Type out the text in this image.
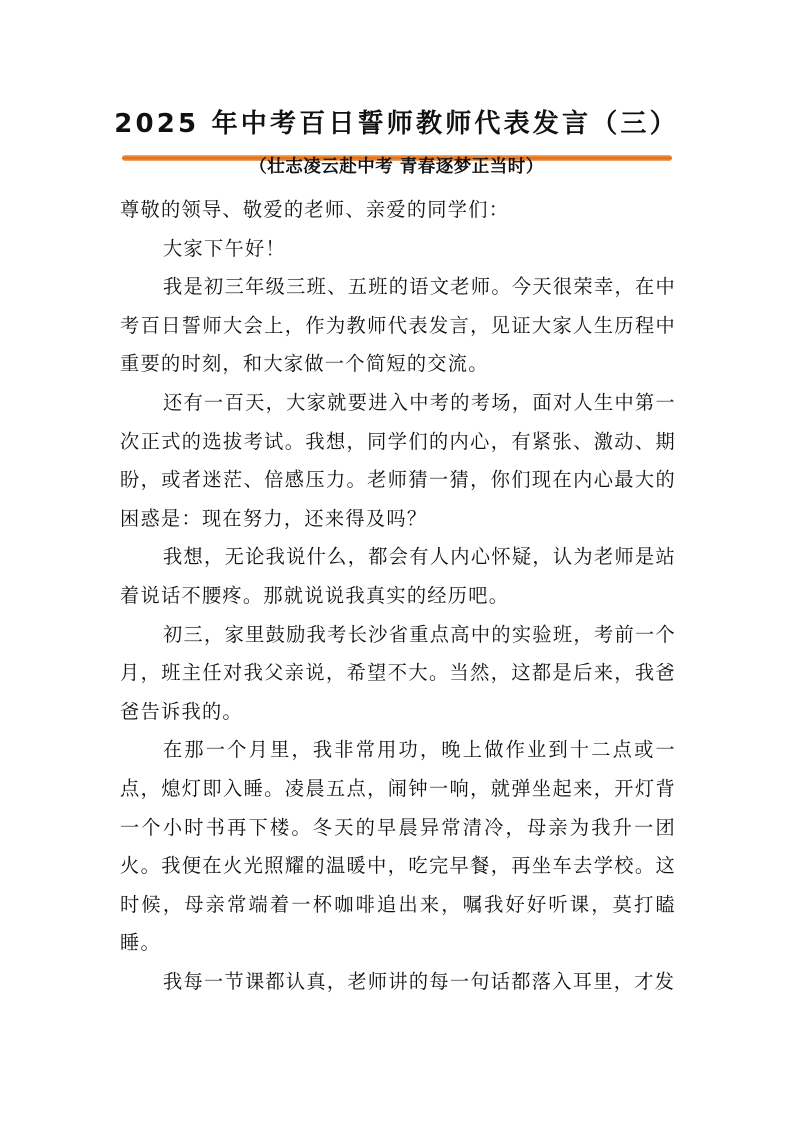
2025 年中考百日誓师教师代表发言（三）
（壮志凌云赴中考 青春逐梦正当时）

尊敬的领导、敬爱的老师、亲爱的同学们：

大家下午好！

我是初三年级三班、五班的语文老师。今天很荣幸，在中考百日誓师大会上，作为教师代表发言，见证大家人生历程中重要的时刻，和大家做一个简短的交流。

还有一百天，大家就要进入中考的考场，面对人生中第一次正式的选拔考试。我想，同学们的内心，有紧张、激动、期盼，或者迷茫、倍感压力。老师猜一猜，你们现在内心最大的困惑是：现在努力，还来得及吗？

我想，无论我说什么，都会有人内心怀疑，认为老师是站着说话不腰疼。那就说说我真实的经历吧。

初三，家里鼓励我考长沙省重点高中的实验班，考前一个月，班主任对我父亲说，希望不大。当然，这都是后来，我爸爸告诉我的。

在那一个月里，我非常用功，晚上做作业到十二点或一点，熄灯即入睡。凌晨五点，闹钟一响，就弹坐起来，开灯背一个小时书再下楼。冬天的早晨异常清冷，母亲为我升一团火。我便在火光照耀的温暖中，吃完早餐，再坐车去学校。这时候，母亲常端着一杯咖啡追出来，嘱我好好听课，莫打瞌睡。

我每一节课都认真，老师讲的每一句话都落入耳里，才发
